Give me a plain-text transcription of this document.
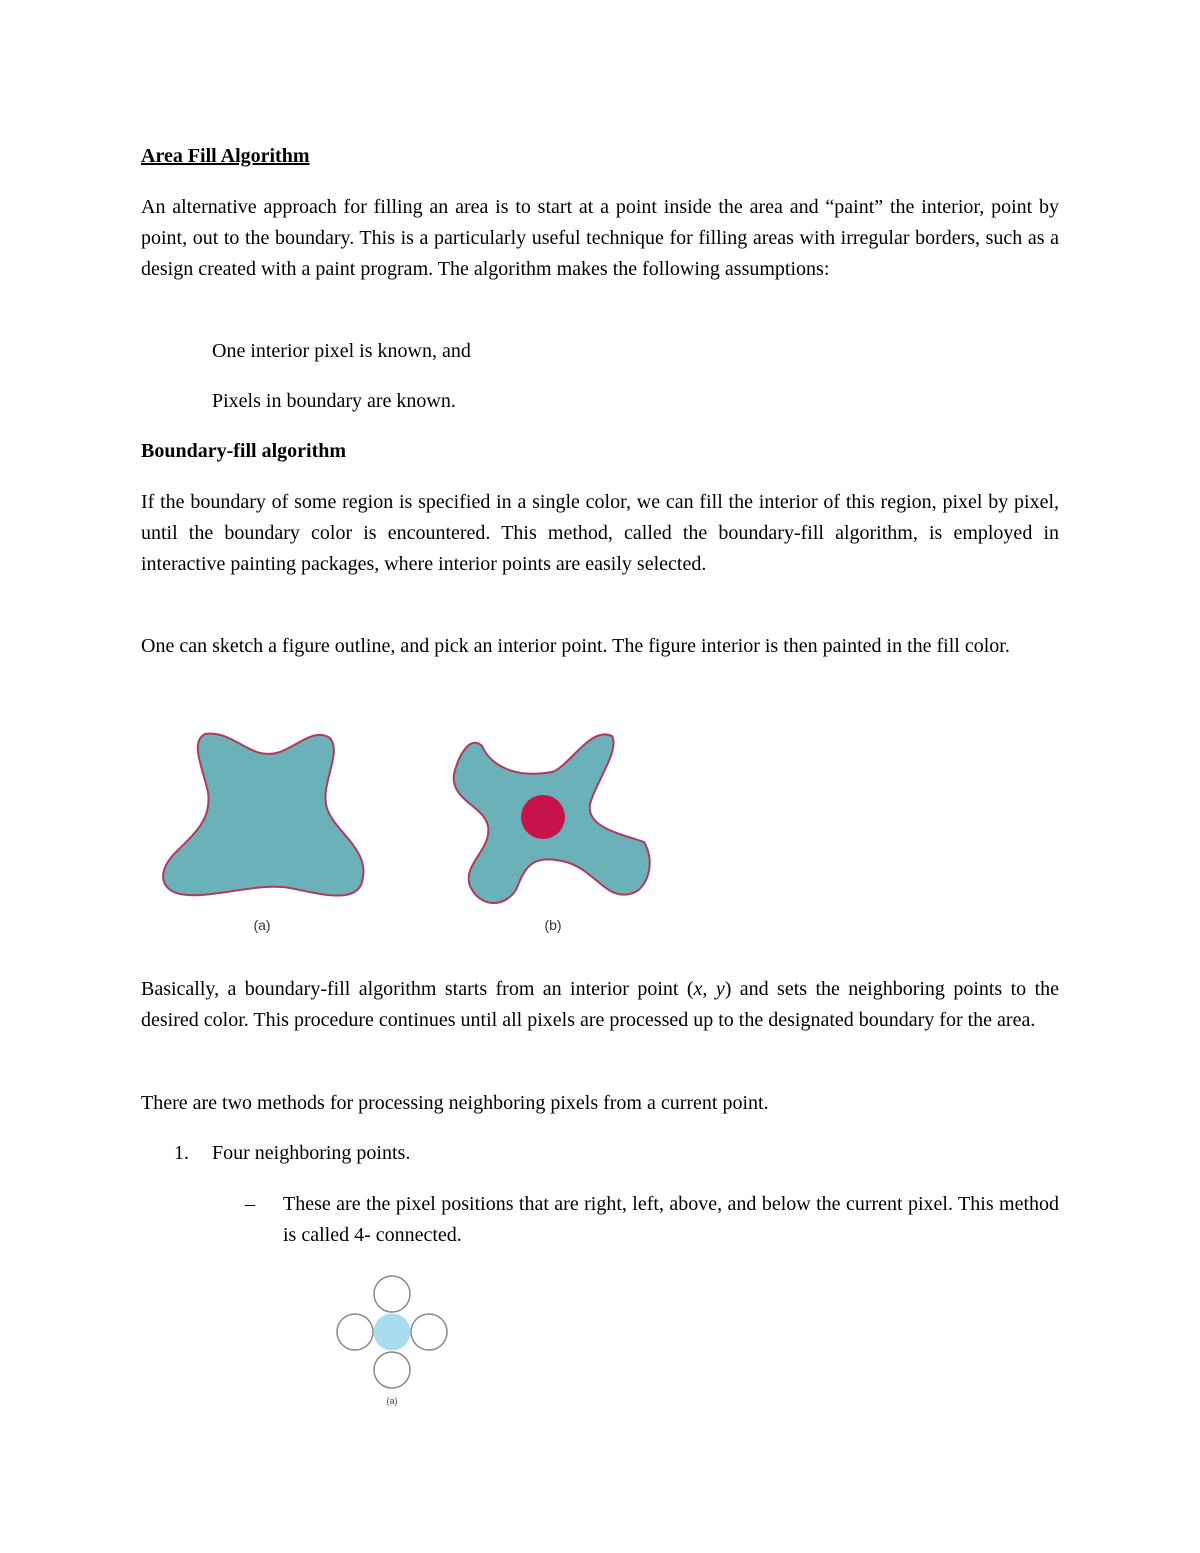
Area Fill Algorithm
An alternative approach for filling an area is to start at a point inside the area and “paint” the interior, point by point, out to the boundary. This is a particularly useful technique for filling areas with irregular borders, such as a design created with a paint program. The algorithm makes the following assumptions:
One interior pixel is known, and
Pixels in boundary are known.
Boundary-fill algorithm
If the boundary of some region is specified in a single color, we can fill the interior of this region, pixel by pixel, until the boundary color is encountered. This method, called the boundary-fill algorithm, is employed in interactive painting packages, where interior points are easily selected.
One can sketch a figure outline, and pick an interior point. The figure interior is then painted in the fill color.
(a)	(b)
Basically, a boundary-fill algorithm starts from an interior point (x, y) and sets the neighboring points to the desired color. This procedure continues until all pixels are processed up to the designated boundary for the area.
There are two methods for processing neighboring pixels from a current point.
1. Four neighboring points.
– These are the pixel positions that are right, left, above, and below the current pixel. This method is called 4- connected.
(a)
